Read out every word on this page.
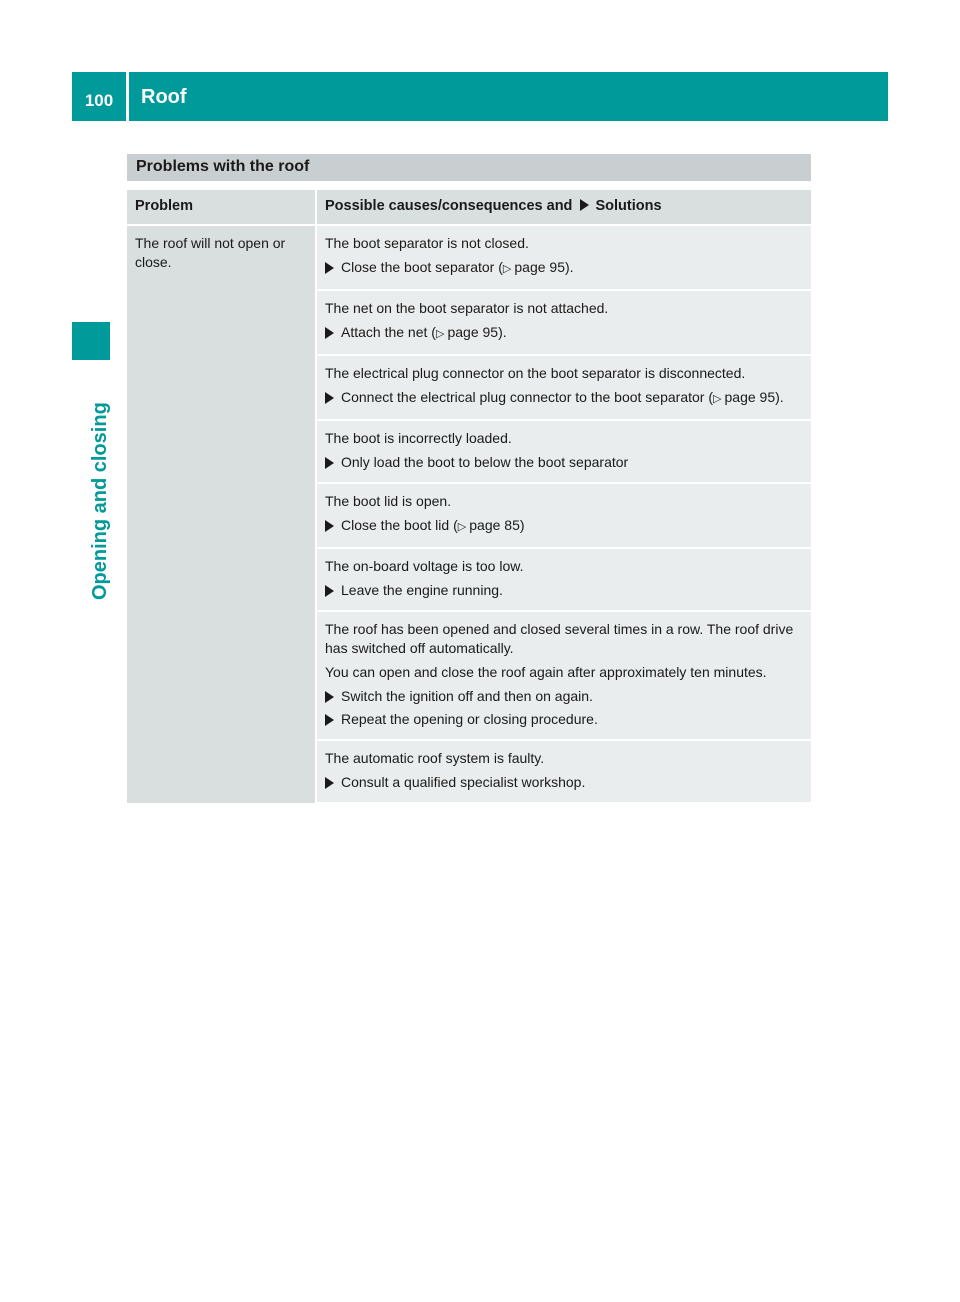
100	Roof
Opening and closing
Problems with the roof
Problem	Possible causes/consequences and Solutions
The roof will not open or close.	The boot separator is not closed.
Close the boot separator (▷ page 95).

	The net on the boot separator is not attached.
Attach the net (▷ page 95).

	The electrical plug connector on the boot separator is disconnected.
Connect the electrical plug connector to the boot separator (▷ page 95).

	The boot is incorrectly loaded.
Only load the boot to below the boot separator

	The boot lid is open.
Close the boot lid (▷ page 85)

	The on-board voltage is too low.
Leave the engine running.

	The roof has been opened and closed several times in a row. The roof drive has switched off automatically.
You can open and close the roof again after approximately ten minutes.
Switch the ignition off and then on again.
Repeat the opening or closing procedure.

	The automatic roof system is faulty.
Consult a qualified specialist workshop.
